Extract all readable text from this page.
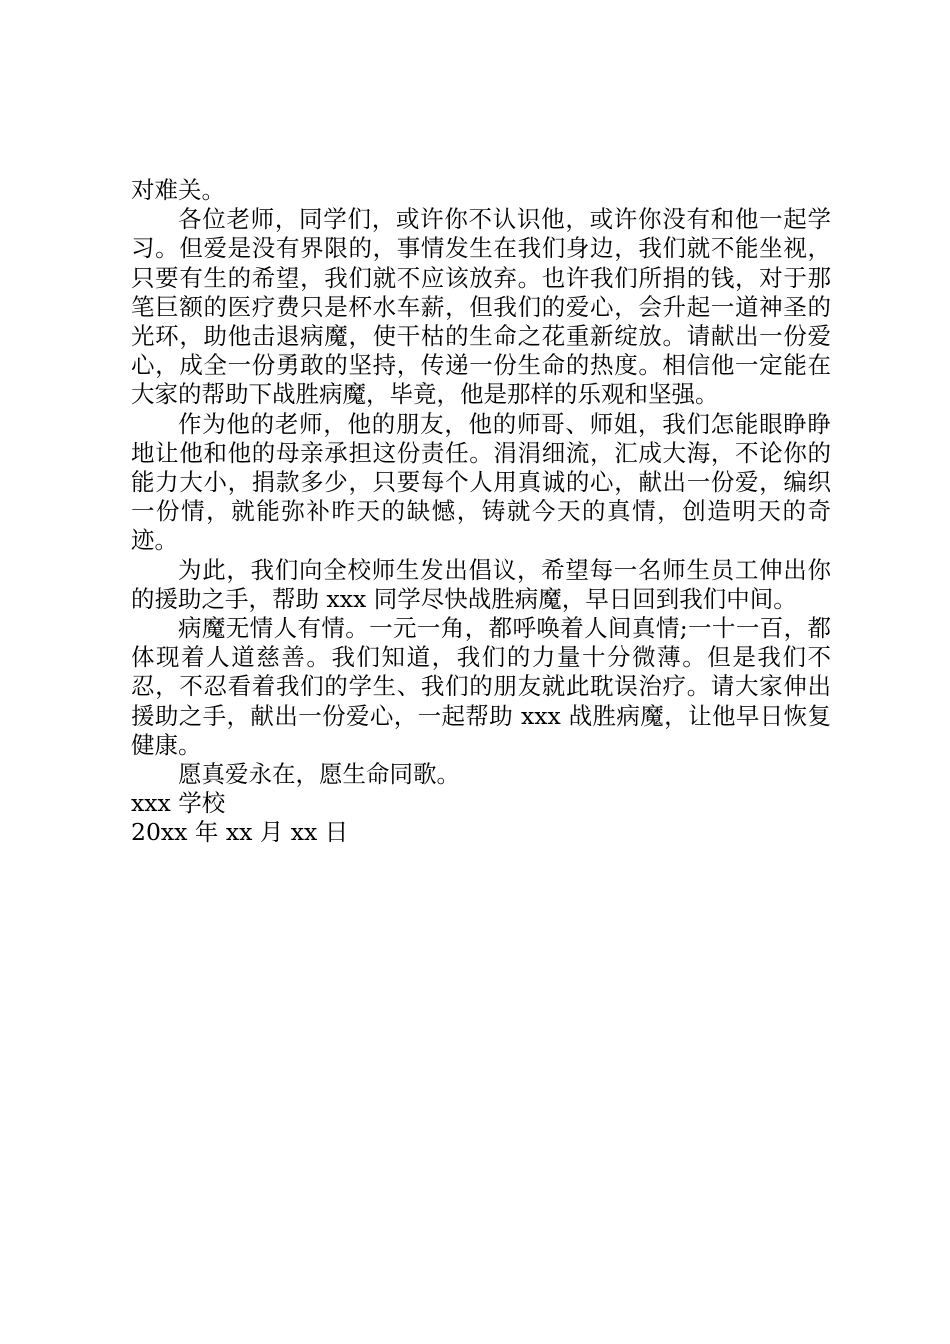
对难关。

各位老师，同学们，或许你不认识他，或许你没有和他一起学习。但爱是没有界限的，事情发生在我们身边，我们就不能坐视，只要有生的希望，我们就不应该放弃。也许我们所捐的钱，对于那笔巨额的医疗费只是杯水车薪，但我们的爱心，会升起一道神圣的光环，助他击退病魔，使干枯的生命之花重新绽放。请献出一份爱心，成全一份勇敢的坚持，传递一份生命的热度。相信他一定能在大家的帮助下战胜病魔，毕竟，他是那样的乐观和坚强。

作为他的老师，他的朋友，他的师哥、师姐，我们怎能眼睁睁地让他和他的母亲承担这份责任。涓涓细流，汇成大海，不论你的能力大小，捐款多少，只要每个人用真诚的心，献出一份爱，编织一份情，就能弥补昨天的缺憾，铸就今天的真情，创造明天的奇迹。

为此，我们向全校师生发出倡议，希望每一名师生员工伸出你的援助之手，帮助 xxx 同学尽快战胜病魔，早日回到我们中间。

病魔无情人有情。一元一角，都呼唤着人间真情;一十一百，都体现着人道慈善。我们知道，我们的力量十分微薄。但是我们不忍，不忍看着我们的学生、我们的朋友就此耽误治疗。请大家伸出援助之手，献出一份爱心，一起帮助 xxx 战胜病魔，让他早日恢复健康。

愿真爱永在，愿生命同歌。

xxx 学校

20xx 年 xx 月 xx 日
